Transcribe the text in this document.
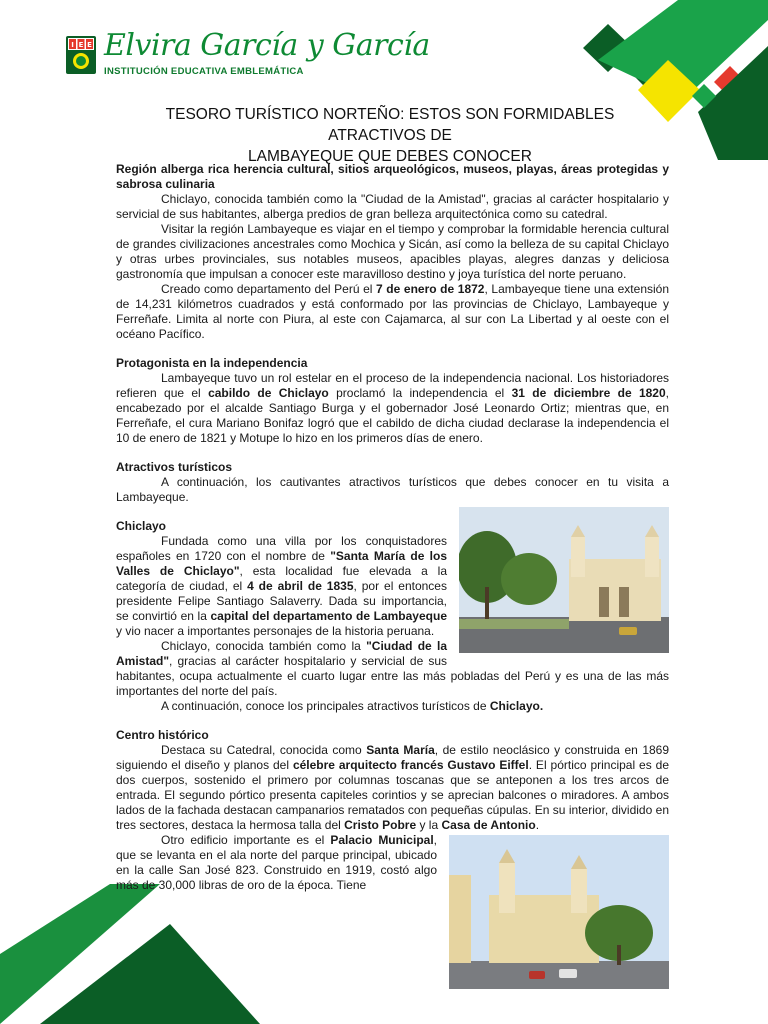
I E E Elvira García y García
INSTITUCIÓN EDUCATIVA EMBLEMÁTICA
TESORO TURÍSTICO NORTEÑO: ESTOS SON FORMIDABLES ATRACTIVOS DE
LAMBAYEQUE QUE DEBES CONOCER
Región alberga rica herencia cultural, sitios arqueológicos, museos, playas, áreas protegidas y sabrosa culinaria

Chiclayo, conocida también como la "Ciudad de la Amistad", gracias al carácter hospitalario y servicial de sus habitantes, alberga predios de gran belleza arquitectónica como su catedral.

Visitar la región Lambayeque es viajar en el tiempo y comprobar la formidable herencia cultural de grandes civilizaciones ancestrales como Mochica y Sicán, así como la belleza de su capital Chiclayo y otras urbes provinciales, sus notables museos, apacibles playas, alegres danzas y deliciosa gastronomía que impulsan a conocer este maravilloso destino y joya turística del norte peruano.

Creado como departamento del Perú el 7 de enero de 1872, Lambayeque tiene una extensión de 14,231 kilómetros cuadrados y está conformado por las provincias de Chiclayo, Lambayeque y Ferreñafe. Limita al norte con Piura, al este con Cajamarca, al sur con La Libertad y al oeste con el océano Pacífico.

Protagonista en la independencia

Lambayeque tuvo un rol estelar en el proceso de la independencia nacional. Los historiadores refieren que el cabildo de Chiclayo proclamó la independencia el 31 de diciembre de 1820, encabezado por el alcalde Santiago Burga y el gobernador José Leonardo Ortiz; mientras que, en Ferreñafe, el cura Mariano Bonifaz logró que el cabildo de dicha ciudad declarase la independencia el 10 de enero de 1821 y Motupe lo hizo en los primeros días de enero.

Atractivos turísticos

A continuación, los cautivantes atractivos turísticos que debes conocer en tu visita a Lambayeque.

Chiclayo

Fundada como una villa por los conquistadores españoles en 1720 con el nombre de "Santa María de los Valles de Chiclayo", esta localidad fue elevada a la categoría de ciudad, el 4 de abril de 1835, por el entonces presidente Felipe Santiago Salaverry. Dada su importancia, se convirtió en la capital del departamento de Lambayeque y vio nacer a importantes personajes de la historia peruana.

Chiclayo, conocida también como la "Ciudad de la Amistad", gracias al carácter hospitalario y servicial de sus habitantes, ocupa actualmente el cuarto lugar entre las más pobladas del Perú y es una de las más importantes del norte del país.

A continuación, conoce los principales atractivos turísticos de Chiclayo.

Centro histórico

Destaca su Catedral, conocida como Santa María, de estilo neoclásico y construida en 1869 siguiendo el diseño y planos del célebre arquitecto francés Gustavo Eiffel. El pórtico principal es de dos cuerpos, sostenido el primero por columnas toscanas que se anteponen a los tres arcos de entrada. El segundo pórtico presenta capiteles corintios y se aprecian balcones o miradores. A ambos lados de la fachada destacan campanarios rematados con pequeñas cúpulas. En su interior, dividido en tres sectores, destaca la hermosa talla del Cristo Pobre y la Casa de Antonio.

Otro edificio importante es el Palacio Municipal, que se levanta en el ala norte del parque principal, ubicado en la calle San José 823. Construido en 1919, costó algo más de 30,000 libras de oro de la época. Tiene
